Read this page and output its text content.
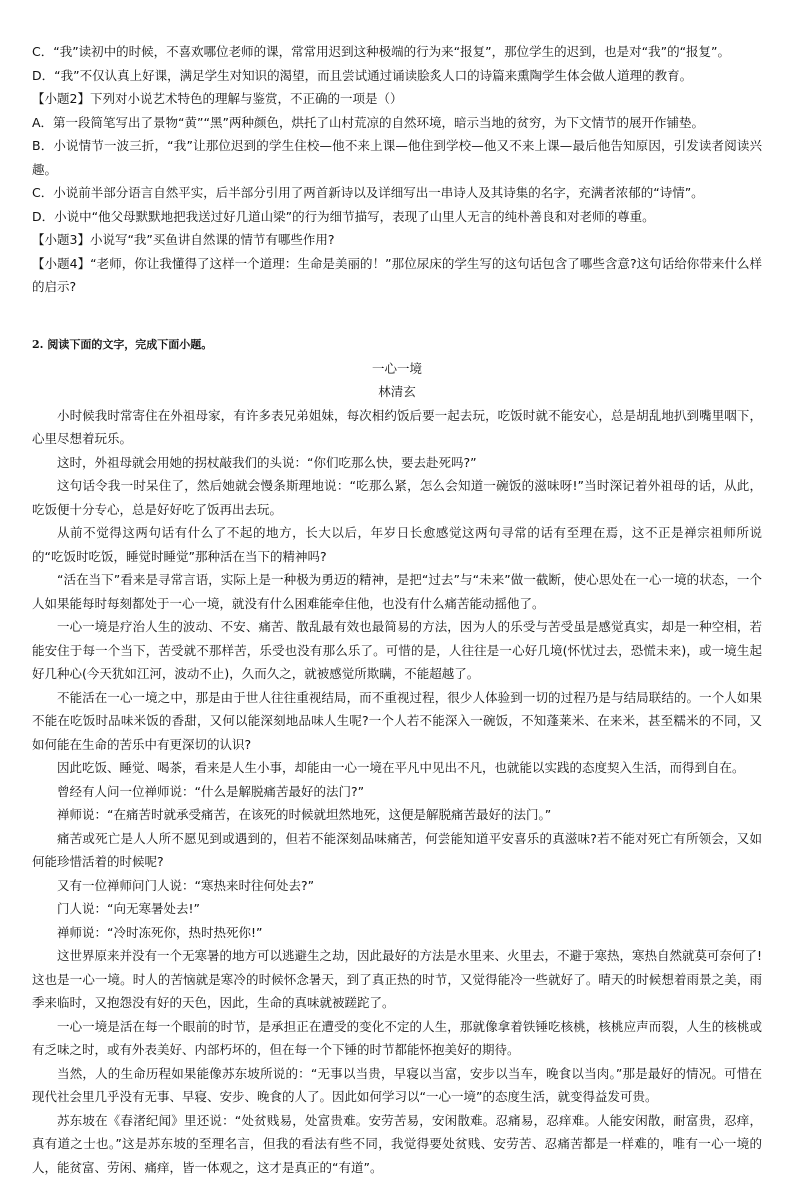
C．“我”读初中的时候，不喜欢哪位老师的课，常常用迟到这种极端的行为来“报复”，那位学生的迟到，也是对“我”的“报复”。

D．“我”不仅认真上好课，满足学生对知识的渴望，而且尝试通过诵读脍炙人口的诗篇来熏陶学生体会做人道理的教育。

【小题2】下列对小说艺术特色的理解与鉴赏，不正确的一项是（）

A．第一段简笔写出了景物“黄”“黑”两种颜色，烘托了山村荒凉的自然环境，暗示当地的贫穷，为下文情节的展开作铺垫。

B．小说情节一波三折，“我”让那位迟到的学生住校—他不来上课—他住到学校—他又不来上课—最后他告知原因，引发读者阅读兴趣。

C．小说前半部分语言自然平实，后半部分引用了两首新诗以及详细写出一串诗人及其诗集的名字，充满者浓郁的“诗情”。

D．小说中“他父母默默地把我送过好几道山梁”的行为细节描写，表现了山里人无言的纯朴善良和对老师的尊重。

【小题3】小说写“我”买鱼讲自然课的情节有哪些作用?

【小题4】“老师，你让我懂得了这样一个道理：生命是美丽的！”那位尿床的学生写的这句话包含了哪些含意?这句话给你带来什么样的启示?

2. 阅读下面的文字，完成下面小题。

一心一境

林清玄

小时候我时常寄住在外祖母家，有许多表兄弟姐妹，每次相约饭后要一起去玩，吃饭时就不能安心，总是胡乱地扒到嘴里咽下，心里尽想着玩乐。

这时，外祖母就会用她的拐杖敲我们的头说：“你们吃那么快，要去赴死吗?”

这句话令我一时呆住了，然后她就会慢条斯理地说：“吃那么紧，怎么会知道一碗饭的滋味呀!”当时深记着外祖母的话，从此，吃饭便十分专心，总是好好吃了饭再出去玩。

从前不觉得这两句话有什么了不起的地方，长大以后，年岁日长愈感觉这两句寻常的话有至理在焉，这不正是禅宗祖师所说的“吃饭时吃饭，睡觉时睡觉”那种活在当下的精神吗?

“活在当下”看来是寻常言语，实际上是一种极为勇迈的精神，是把“过去”与“未来”做一截断，使心思处在一心一境的状态，一个人如果能每时每刻都处于一心一境，就没有什么困难能牵住他，也没有什么痛苦能动摇他了。

一心一境是疗治人生的波动、不安、痛苦、散乱最有效也最简易的方法，因为人的乐受与苦受虽是感觉真实，却是一种空相，若能安住于每一个当下，苦受就不那样苦，乐受也没有那么乐了。可惜的是，人往往是一心好几境(怀忧过去，恐慌未来)，或一境生起好几种心(今天犹如江河，波动不止)，久而久之，就被感觉所欺瞒，不能超越了。

不能活在一心一境之中，那是由于世人往往重视结局，而不重视过程，很少人体验到一切的过程乃是与结局联结的。一个人如果不能在吃饭时品味米饭的香甜，又何以能深刻地品味人生呢?一个人若不能深入一碗饭，不知蓬莱米、在来米，甚至糯米的不同，又如何能在生命的苦乐中有更深切的认识?

因此吃饭、睡觉、喝茶，看来是人生小事，却能由一心一境在平凡中见出不凡，也就能以实践的态度契入生活，而得到自在。

曾经有人问一位禅师说：“什么是解脱痛苦最好的法门?”

禅师说：“在痛苦时就承受痛苦，在该死的时候就坦然地死，这便是解脱痛苦最好的法门。”

痛苦或死亡是人人所不愿见到或遇到的，但若不能深刻品味痛苦，何尝能知道平安喜乐的真滋味?若不能对死亡有所领会，又如何能珍惜活着的时候呢?

又有一位禅师问门人说：“寒热来时往何处去?”

门人说：“向无寒暑处去!”

禅师说：“冷时冻死你，热时热死你!”

这世界原来并没有一个无寒暑的地方可以逃避生之劫，因此最好的方法是水里来、火里去，不避于寒热，寒热自然就莫可奈何了!这也是一心一境。时人的苦恼就是寒冷的时候怀念暑天，到了真正热的时节，又觉得能冷一些就好了。晴天的时候想着雨景之美，雨季来临时，又抱怨没有好的天色，因此，生命的真味就被蹉跎了。

一心一境是活在每一个眼前的时节，是承担正在遭受的变化不定的人生，那就像拿着铁锤吃核桃，核桃应声而裂，人生的核桃或有乏味之时，或有外表美好、内部朽坏的，但在每一个下锤的时节都能怀抱美好的期待。

当然，人的生命历程如果能像苏东坡所说的：“无事以当贵，早寝以当富，安步以当车，晚食以当肉。”那是最好的情况。可惜在现代社会里几乎没有无事、早寝、安步、晚食的人了。因此如何学习以“一心一境”的态度生活，就变得益发可贵。

苏东坡在《春渚纪闻》里还说：“处贫贱易，处富贵难。安劳苦易，安闲散难。忍痛易，忍痒难。人能安闲散，耐富贵，忍痒，真有道之士也。”这是苏东坡的至理名言，但我的看法有些不同，我觉得要处贫贱、安劳苦、忍痛苦都是一样难的，唯有一心一境的人，能贫富、劳闲、痛痒，皆一体观之，这才是真正的“有道”。
